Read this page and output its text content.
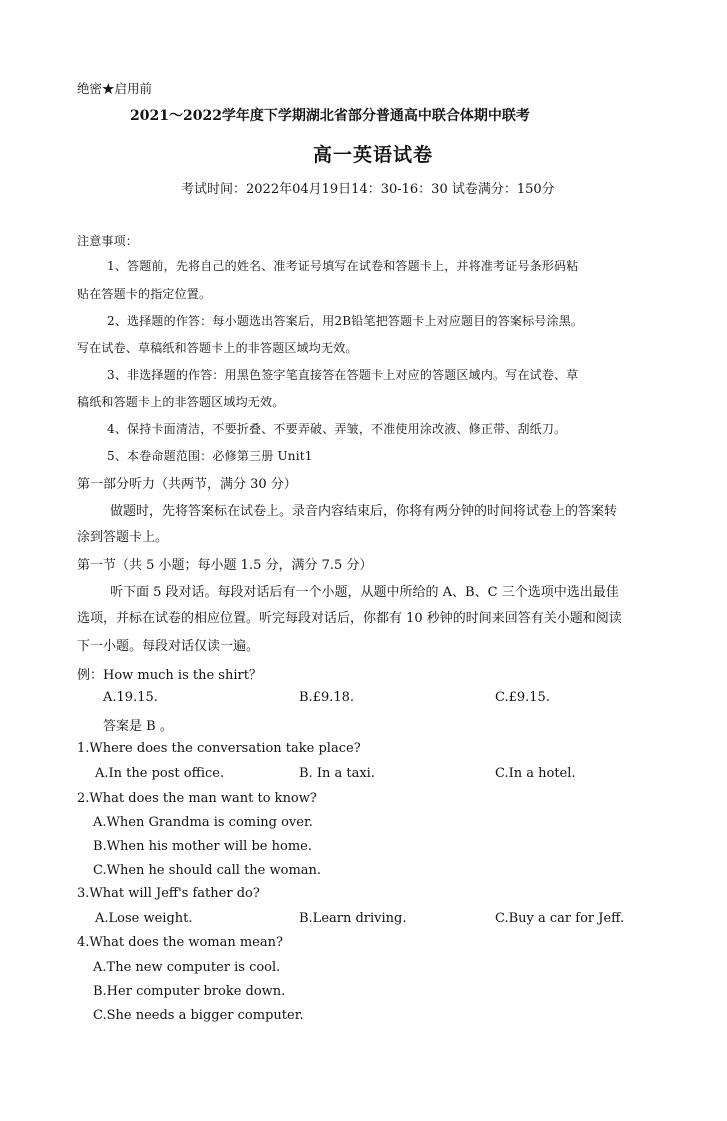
绝密★启用前
2021～2022学年度下学期湖北省部分普通高中联合体期中联考
高一英语试卷
考试时间：2022年04月19日14：30-16：30 试卷满分：150分
注意事项：
1、答题前，先将自己的姓名、准考证号填写在试卷和答题卡上，并将准考证号条形码粘
贴在答题卡的指定位置。
2、选择题的作答：每小题选出答案后，用2B铅笔把答题卡上对应题目的答案标号涂黑。
写在试卷、草稿纸和答题卡上的非答题区域均无效。
3、非选择题的作答：用黑色签字笔直接答在答题卡上对应的答题区域内。写在试卷、草
稿纸和答题卡上的非答题区域均无效。
4、保持卡面清洁，不要折叠、不要弄破、弄皱，不准使用涂改液、修正带、刮纸刀。
5、本卷命题范围：必修第三册 Unit1
第一部分听力（共两节，满分 30 分）
做题时，先将答案标在试卷上。录音内容结束后，你将有两分钟的时间将试卷上的答案转
涂到答题卡上。
第一节（共 5 小题；每小题 1.5 分，满分 7.5 分）
听下面 5 段对话。每段对话后有一个小题，从题中所给的 A、B、C 三个选项中选出最佳
选项，并标在试卷的相应位置。听完每段对话后，你都有 10 秒钟的时间来回答有关小题和阅读
下一小题。每段对话仅读一遍。
例：How much is the shirt？
A.19.15.	B.£9.18.	C.£9.15.
答案是 B 。
1.Where does the conversation take place?
A.In the post office.	B. In a taxi.	C.In a hotel.
2.What does the man want to know?
A.When Grandma is coming over.
B.When his mother will be home.
C.When he should call the woman.
3.What will Jeff's father do?
A.Lose weight.	B.Learn driving.	C.Buy a car for Jeff.
4.What does the woman mean?
A.The new computer is cool.
B.Her computer broke down.
C.She needs a bigger computer.
